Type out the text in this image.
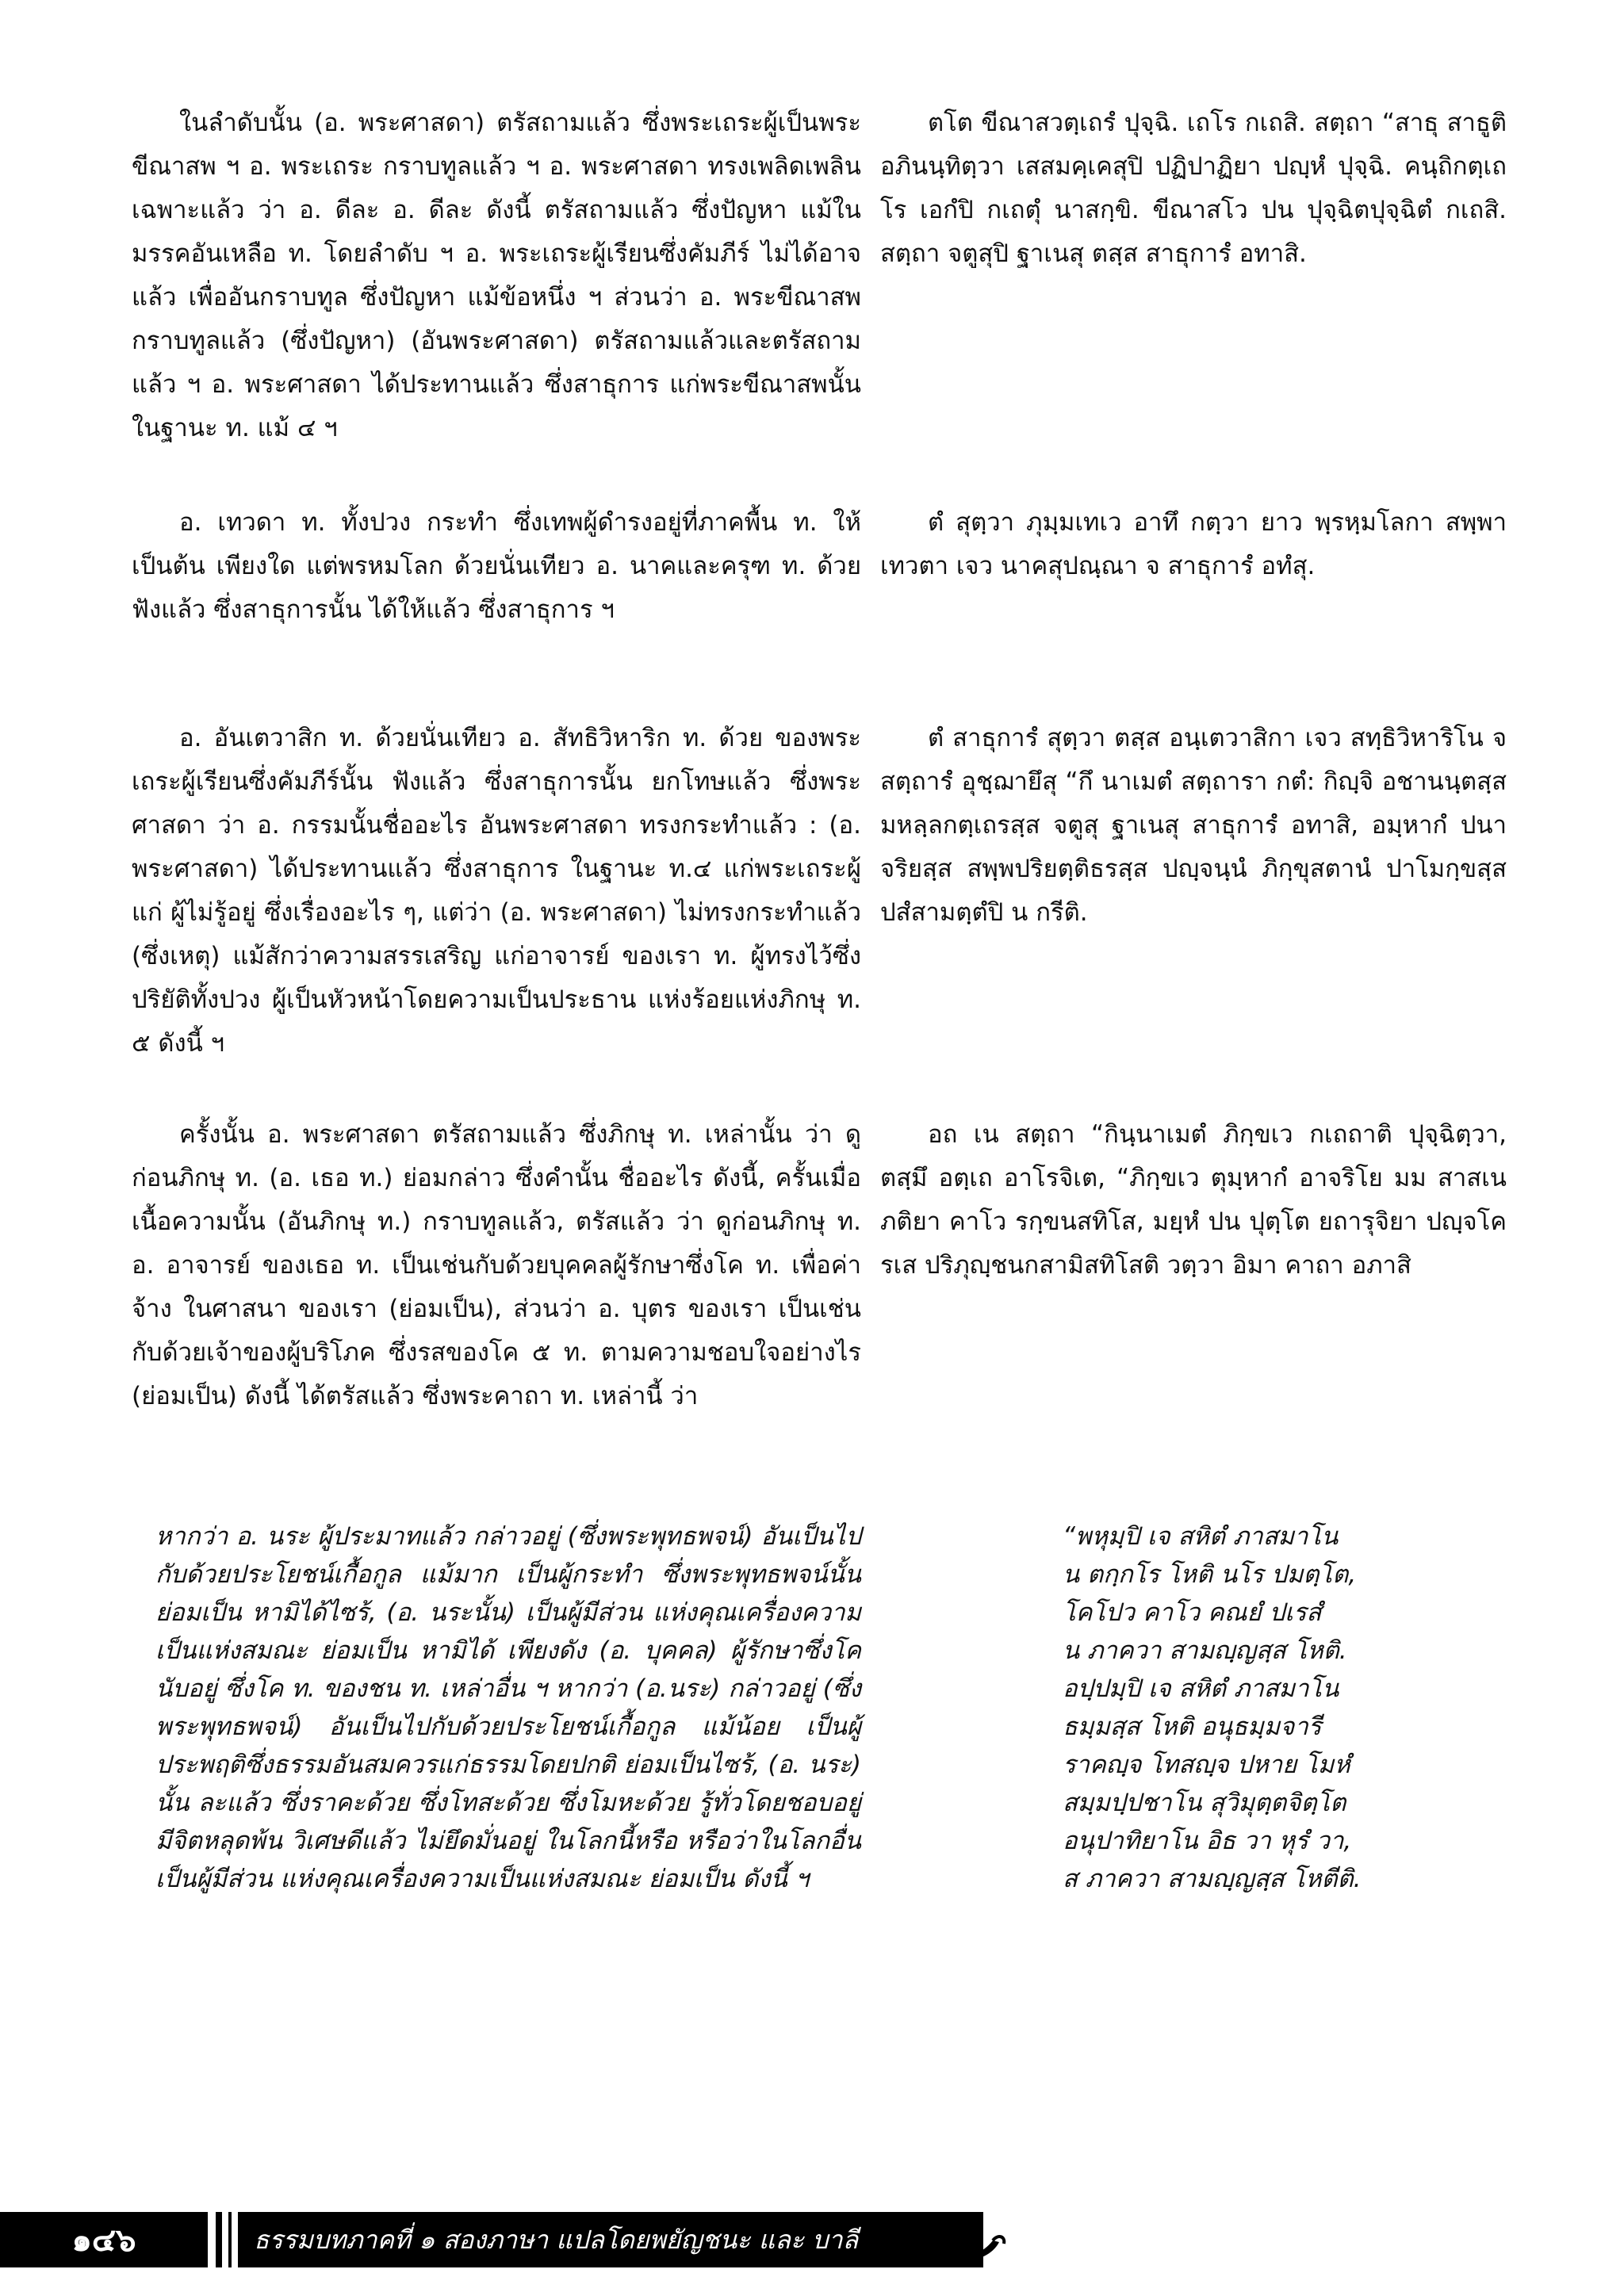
ในลำดับนั้น (อ. พระศาสดา) ตรัสถามแล้ว ซึ่งพระเถระผู้เป็นพระขีณาสพ ฯ อ. พระเถระ กราบทูลแล้ว ฯ อ. พระศาสดา ทรงเพลิดเพลินเฉพาะแล้ว ว่า อ. ดีละ อ. ดีละ ดังนี้ ตรัสถามแล้ว ซึ่งปัญหา แม้ในมรรคอันเหลือ ท. โดยลำดับ ฯ อ. พระเถระผู้เรียนซึ่งคัมภีร์ ไม่ได้อาจแล้ว เพื่ออันกราบทูล ซึ่งปัญหา แม้ข้อหนึ่ง ฯ ส่วนว่า อ. พระขีณาสพ กราบทูลแล้ว (ซึ่งปัญหา) (อันพระศาสดา) ตรัสถามแล้วและตรัสถามแล้ว ฯ อ. พระศาสดา ได้ประทานแล้ว ซึ่งสาธุการ แก่พระขีณาสพนั้น ในฐานะ ท. แม้ ๔ ฯ

อ. เทวดา ท. ทั้งปวง กระทำ ซึ่งเทพผู้ดำรงอยู่ที่ภาคพื้น ท. ให้เป็นต้น เพียงใด แต่พรหมโลก ด้วยนั่นเทียว อ. นาคและครุฑ ท. ด้วย ฟังแล้ว ซึ่งสาธุการนั้น ได้ให้แล้ว ซึ่งสาธุการ ฯ

อ. อันเตวาสิก ท. ด้วยนั่นเทียว อ. สัทธิวิหาริก ท. ด้วย ของพระเถระผู้เรียนซึ่งคัมภีร์นั้น ฟังแล้ว ซึ่งสาธุการนั้น ยกโทษแล้ว ซึ่งพระศาสดา ว่า อ. กรรมนั้นชื่ออะไร อันพระศาสดา ทรงกระทำแล้ว : (อ. พระศาสดา) ได้ประทานแล้ว ซึ่งสาธุการ ในฐานะ ท.๔ แก่พระเถระผู้แก่ ผู้ไม่รู้อยู่ ซึ่งเรื่องอะไร ๆ, แต่ว่า (อ. พระศาสดา) ไม่ทรงกระทำแล้ว (ซึ่งเหตุ) แม้สักว่าความสรรเสริญ แก่อาจารย์ ของเรา ท. ผู้ทรงไว้ซึ่งปริยัติทั้งปวง ผู้เป็นหัวหน้าโดยความเป็นประธาน แห่งร้อยแห่งภิกษุ ท. ๕ ดังนี้ ฯ

ครั้งนั้น อ. พระศาสดา ตรัสถามแล้ว ซึ่งภิกษุ ท. เหล่านั้น ว่า ดูก่อนภิกษุ ท. (อ. เธอ ท.) ย่อมกล่าว ซึ่งคำนั้น ชื่ออะไร ดังนี้, ครั้นเมื่อเนื้อความนั้น (อันภิกษุ ท.) กราบทูลแล้ว, ตรัสแล้ว ว่า ดูก่อนภิกษุ ท. อ. อาจารย์ ของเธอ ท. เป็นเช่นกับด้วยบุคคลผู้รักษาซึ่งโค ท. เพื่อค่าจ้าง ในศาสนา ของเรา (ย่อมเป็น), ส่วนว่า อ. บุตร ของเรา เป็นเช่นกับด้วยเจ้าของผู้บริโภค ซึ่งรสของโค ๕ ท. ตามความชอบใจอย่างไร (ย่อมเป็น) ดังนี้ ได้ตรัสแล้ว ซึ่งพระคาถา ท. เหล่านี้ ว่า

หากว่า อ. นระ ผู้ประมาทแล้ว กล่าวอยู่ (ซึ่งพระพุทธพจน์) อันเป็นไปกับด้วยประโยชน์เกื้อกูล แม้มาก เป็นผู้กระทำ ซึ่งพระพุทธพจน์นั้น ย่อมเป็น หามิได้ไซร้, (อ. นระนั้น) เป็นผู้มีส่วน แห่งคุณเครื่องความเป็นแห่งสมณะ ย่อมเป็น หามิได้ เพียงดัง (อ. บุคคล) ผู้รักษาซึ่งโค นับอยู่ ซึ่งโค ท. ของชน ท. เหล่าอื่น ฯ หากว่า (อ.นระ) กล่าวอยู่ (ซึ่งพระพุทธพจน์) อันเป็นไปกับด้วยประโยชน์เกื้อกูล แม้น้อย เป็นผู้ประพฤติซึ่งธรรมอันสมควรแก่ธรรมโดยปกติ ย่อมเป็นไซร้, (อ. นระ) นั้น ละแล้ว ซึ่งราคะด้วย ซึ่งโทสะด้วย ซึ่งโมหะด้วย รู้ทั่วโดยชอบอยู่ มีจิตหลุดพ้น วิเศษดีแล้ว ไม่ยึดมั่นอยู่ ในโลกนี้หรือ หรือว่าในโลกอื่น เป็นผู้มีส่วน แห่งคุณเครื่องความเป็นแห่งสมณะ ย่อมเป็น ดังนี้ ฯ

ตโต ขีณาสวตฺเถรํ ปุจฺฉิ. เถโร กเถสิ. สตฺถา “สาธุ สาธูติ อภินนฺทิตฺวา เสสมคฺเคสุปิ ปฏิปาฏิยา ปญฺหํ ปุจฺฉิ. คนฺถิกตฺเถโร เอกํปิ กเถตุํ นาสกฺขิ. ขีณาสโว ปน ปุจฺฉิตปุจฺฉิตํ กเถสิ. สตฺถา จตูสุปิ ฐาเนสุ ตสฺส สาธุการํ อทาสิ.

ตํ สุตฺวา ภุมฺมเทเว อาทึ กตฺวา ยาว พฺรหฺมโลกา สพฺพา เทวตา เจว นาคสุปณฺณา จ สาธุการํ อทํสุ.

ตํ สาธุการํ สุตฺวา ตสฺส อนฺเตวาสิกา เจว สทฺธิวิหาริโน จ สตฺถารํ อุชฺฌายึสุ “กึ นาเมตํ สตฺถารา กตํ: กิญฺจิ อชานนฺตสฺส มหลฺลกตฺเถรสฺส จตูสุ ฐาเนสุ สาธุการํ อทาสิ, อมฺหากํ ปนาจริยสฺส สพฺพปริยตฺติธรสฺส ปญฺจนฺนํ ภิกฺขุสตานํ ปาโมกฺขสฺส ปสํสามตฺตํปิ น กรีติ.

อถ เน สตฺถา “กินฺนาเมตํ ภิกฺขเว กเถถาติ ปุจฺฉิตฺวา, ตสฺมึ อตฺเถ อาโรจิเต, “ภิกฺขเว ตุมฺหากํ อาจริโย มม สาสเน ภติยา คาโว รกฺขนสทิโส, มยฺหํ ปน ปุตฺโต ยถารุจิยา ปญฺจโครเส ปริภุญฺชนกสามิสทิโสติ วตฺวา อิมา คาถา อภาสิ

“พหุมฺปิ เจ สหิตํ ภาสมาโน
น ตกฺกโร โหติ นโร ปมตฺโต,
โคโปว คาโว คณยํ ปเรสํ
น ภาควา สามญฺญสฺส โหติ.
อปฺปมฺปิ เจ สหิตํ ภาสมาโน
ธมฺมสฺส โหติ อนุธมฺมจารี
ราคญฺจ โทสญฺจ ปหาย โมหํ
สมฺมปฺปชาโน สุวิมุตฺตจิตฺโต
อนุปาทิยาโน อิธ วา หุรํ วา,
ส ภาควา สามญฺญสฺส โหตีติ.

๑๔๖	ธรรมบทภาคที่ ๑ สองภาษา แปลโดยพยัญชนะ และ บาลี
